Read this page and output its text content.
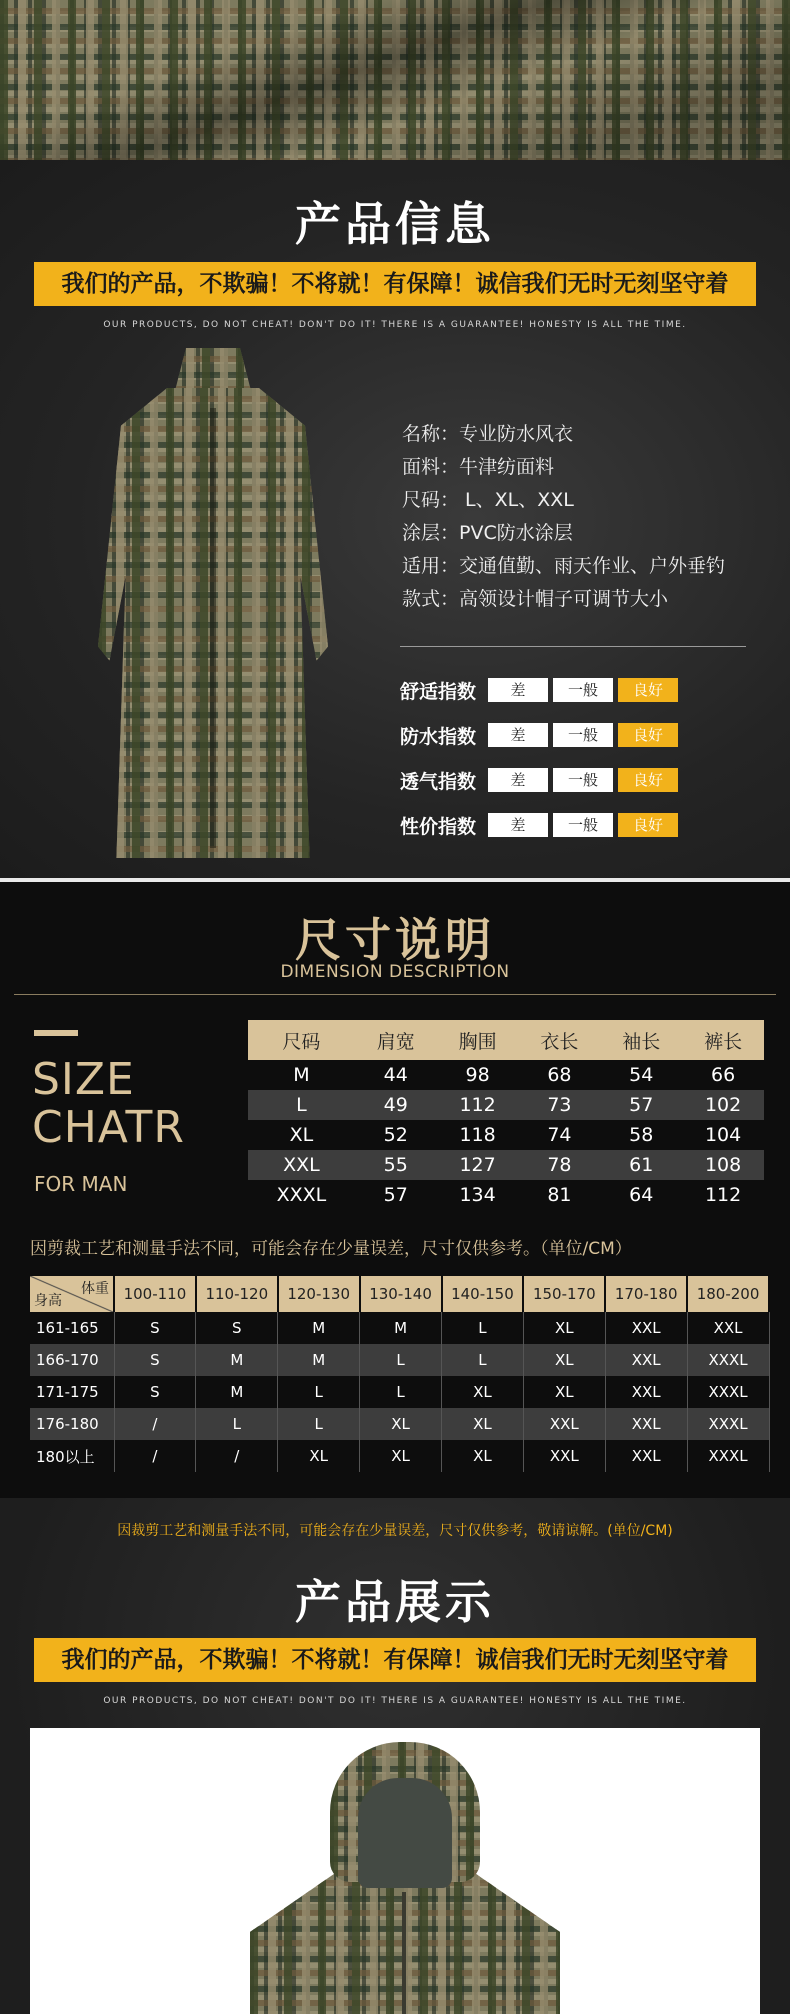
产品信息
我们的产品，不欺骗！不将就！有保障！诚信我们无时无刻坚守着
OUR PRODUCTS, DO NOT CHEAT! DON'T DO IT! THERE IS A GUARANTEE! HONESTY IS ALL THE TIME.
名称：专业防水风衣
面料：牛津纺面料
尺码： L、XL、XXL
涂层：PVC防水涂层
适用：交通值勤、雨天作业、户外垂钓
款式：高领设计帽子可调节大小
舒适指数	差	一般	良好
防水指数	差	一般	良好
透气指数	差	一般	良好
性价指数	差	一般	良好
尺寸说明
DIMENSION DESCRIPTION
SIZE
CHATR
FOR MAN
尺码	肩宽	胸围	衣长	袖长	裤长
M	44	98	68	54	66
L	49	112	73	57	102
XL	52	118	74	58	104
XXL	55	127	78	61	108
XXXL	57	134	81	64	112
因剪裁工艺和测量手法不同，可能会存在少量误差，尺寸仅供参考。（单位/CM）
体重
身高	100-110	110-120	120-130	130-140	140-150	150-170	170-180	180-200
161-165	S	S	M	M	L	XL	XXL	XXL
166-170	S	M	M	L	L	XL	XXL	XXXL
171-175	S	M	L	L	XL	XL	XXL	XXXL
176-180	/	L	L	XL	XL	XXL	XXL	XXXL
180以上	/	/	XL	XL	XL	XXL	XXL	XXXL
因裁剪工艺和测量手法不同，可能会存在少量误差，尺寸仅供参考，敬请谅解。(单位/CM)
产品展示
我们的产品，不欺骗！不将就！有保障！诚信我们无时无刻坚守着
OUR PRODUCTS, DO NOT CHEAT! DON'T DO IT! THERE IS A GUARANTEE! HONESTY IS ALL THE TIME.
